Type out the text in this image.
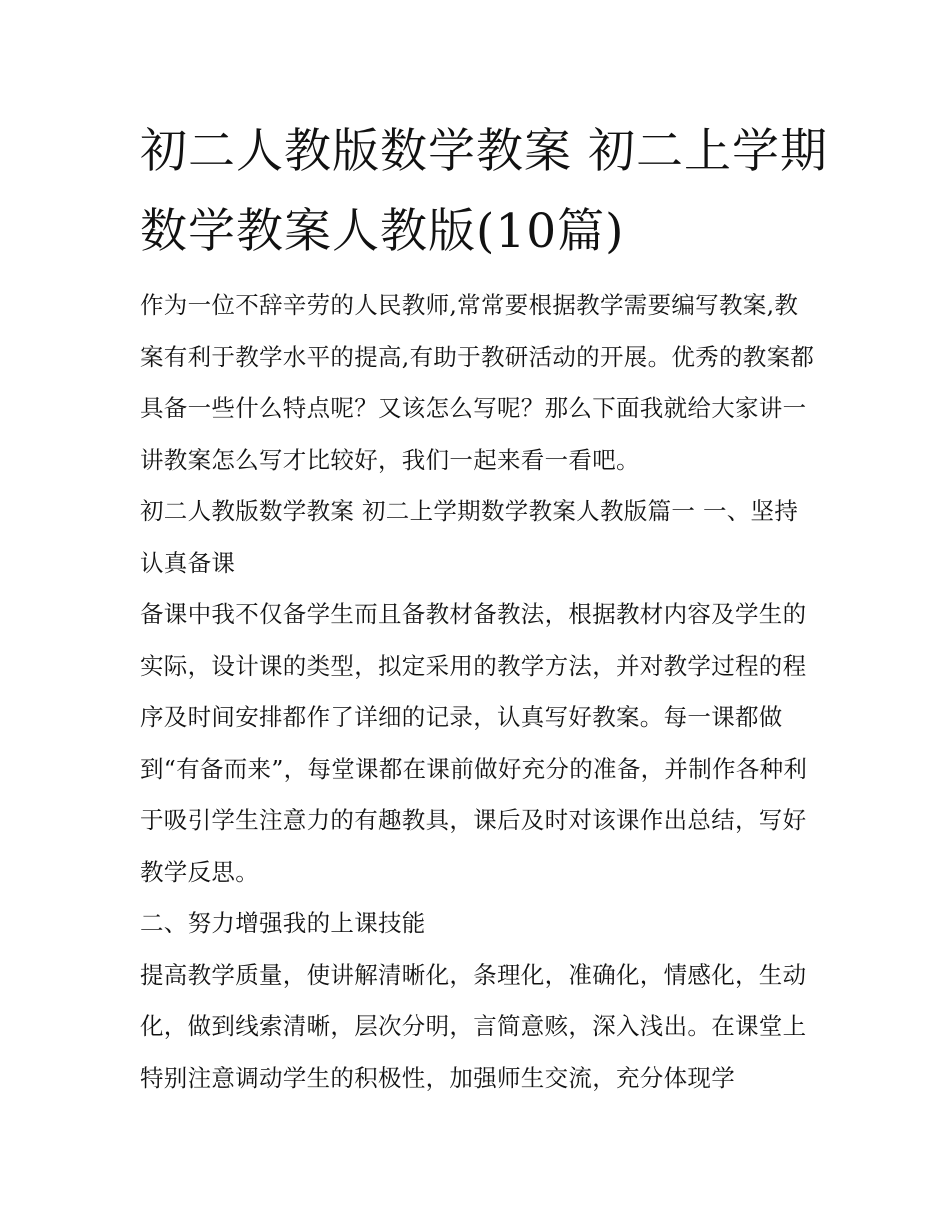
初二人教版数学教案 初二上学期数学教案人教版(10篇)

作为一位不辞辛劳的人民教师,常常要根据教学需要编写教案,教案有利于教学水平的提高,有助于教研活动的开展。优秀的教案都具备一些什么特点呢？又该怎么写呢？那么下面我就给大家讲一讲教案怎么写才比较好，我们一起来看一看吧。

初二人教版数学教案 初二上学期数学教案人教版篇一 一、坚持认真备课

备课中我不仅备学生而且备教材备教法，根据教材内容及学生的实际，设计课的类型，拟定采用的教学方法，并对教学过程的程序及时间安排都作了详细的记录，认真写好教案。每一课都做到“有备而来”，每堂课都在课前做好充分的准备，并制作各种利于吸引学生注意力的有趣教具，课后及时对该课作出总结，写好教学反思。

二、努力增强我的上课技能

提高教学质量，使讲解清晰化，条理化，准确化，情感化，生动化，做到线索清晰，层次分明，言简意赅，深入浅出。在课堂上特别注意调动学生的积极性，加强师生交流，充分体现学
